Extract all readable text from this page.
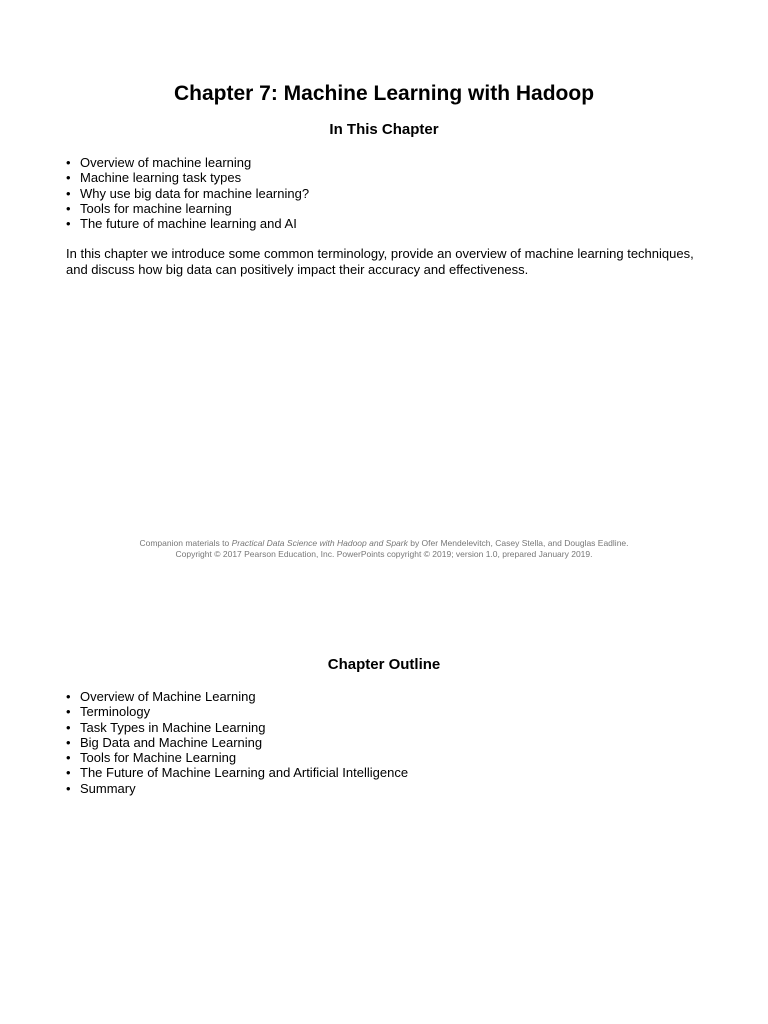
Chapter 7: Machine Learning with Hadoop
In This Chapter
• Overview of machine learning
• Machine learning task types
• Why use big data for machine learning?
• Tools for machine learning
• The future of machine learning and AI

In this chapter we introduce some common terminology, provide an overview of machine learning techniques, and discuss how big data can positively impact their accuracy and effectiveness.

Companion materials to Practical Data Science with Hadoop and Spark by Ofer Mendelevitch, Casey Stella, and Douglas Eadline.
Copyright © 2017 Pearson Education, Inc. PowerPoints copyright © 2019; version 1.0, prepared January 2019.
Chapter Outline
• Overview of Machine Learning
• Terminology
• Task Types in Machine Learning
• Big Data and Machine Learning
• Tools for Machine Learning
• The Future of Machine Learning and Artificial Intelligence
• Summary
